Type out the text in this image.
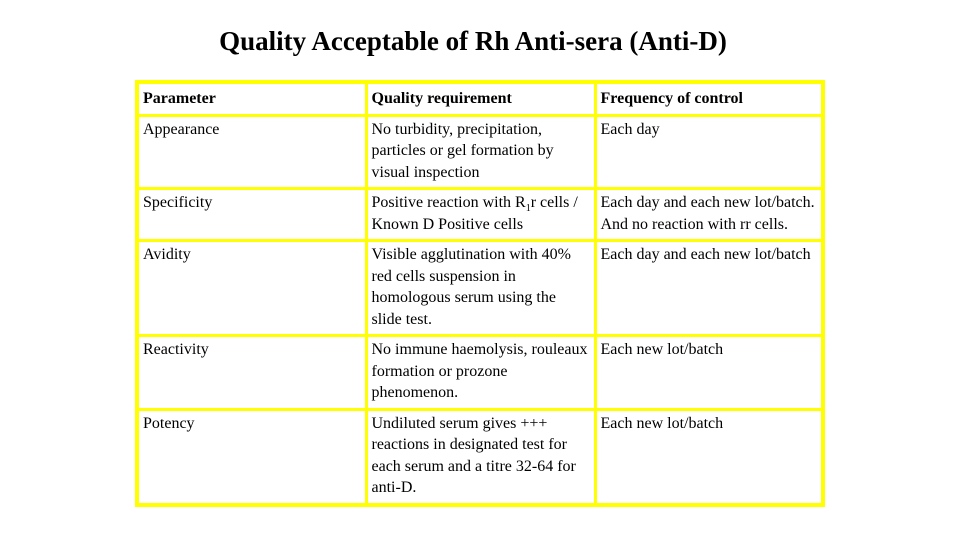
Quality Acceptable of Rh Anti-sera (Anti-D)
Parameter	Quality requirement	Frequency of control
Appearance	No turbidity, precipitation, particles or gel formation by visual inspection	Each day
Specificity	Positive reaction with $R_1r$ cells / Known D Positive cells	Each day and each new lot/batch. And no reaction with rr cells.
Avidity	Visible agglutination with 40% red cells suspension in homologous serum using the slide test.	Each day and each new lot/batch
Reactivity	No immune haemolysis, rouleaux formation or prozone phenomenon.	Each new lot/batch
Potency	Undiluted serum gives +++ reactions in designated test for each serum and a titre 32-64 for anti-D.	Each new lot/batch
